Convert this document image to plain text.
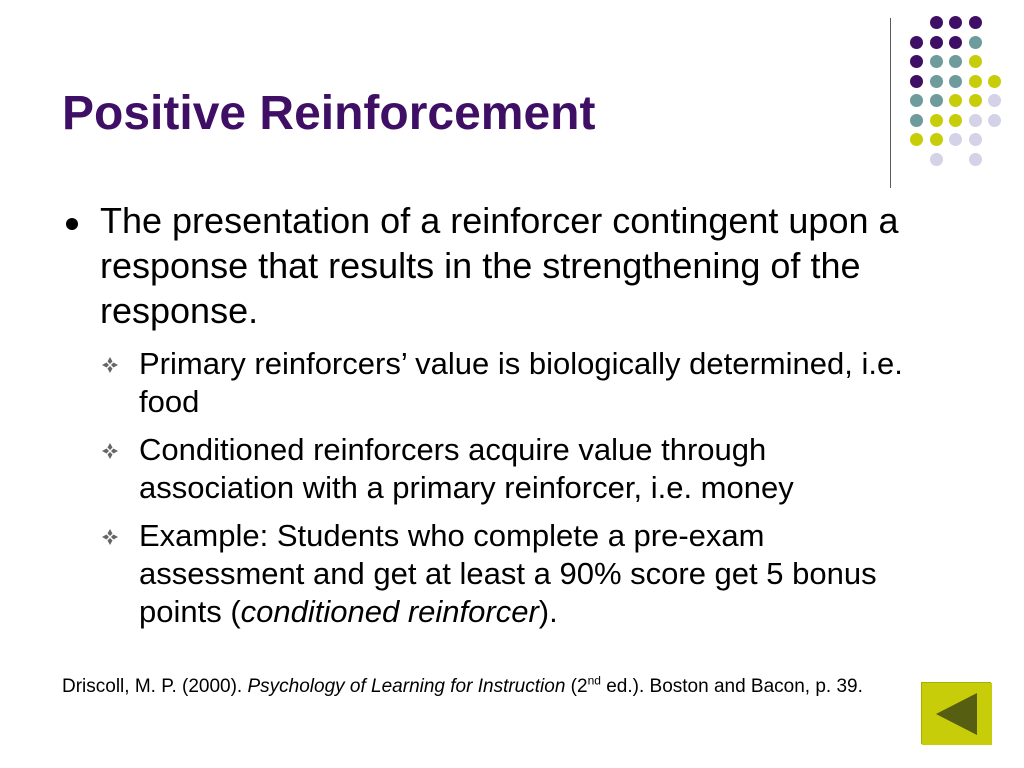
Positive Reinforcement

The presentation of a reinforcer contingent upon a response that results in the strengthening of the response.

Primary reinforcers’ value is biologically determined, i.e. food
Conditioned reinforcers acquire value through association with a primary reinforcer, i.e. money
Example: Students who complete a pre-exam assessment and get at least a 90% score get 5 bonus points (conditioned reinforcer).

Driscoll, M. P. (2000). Psychology of Learning for Instruction (2nd ed.). Boston and Bacon, p. 39.
